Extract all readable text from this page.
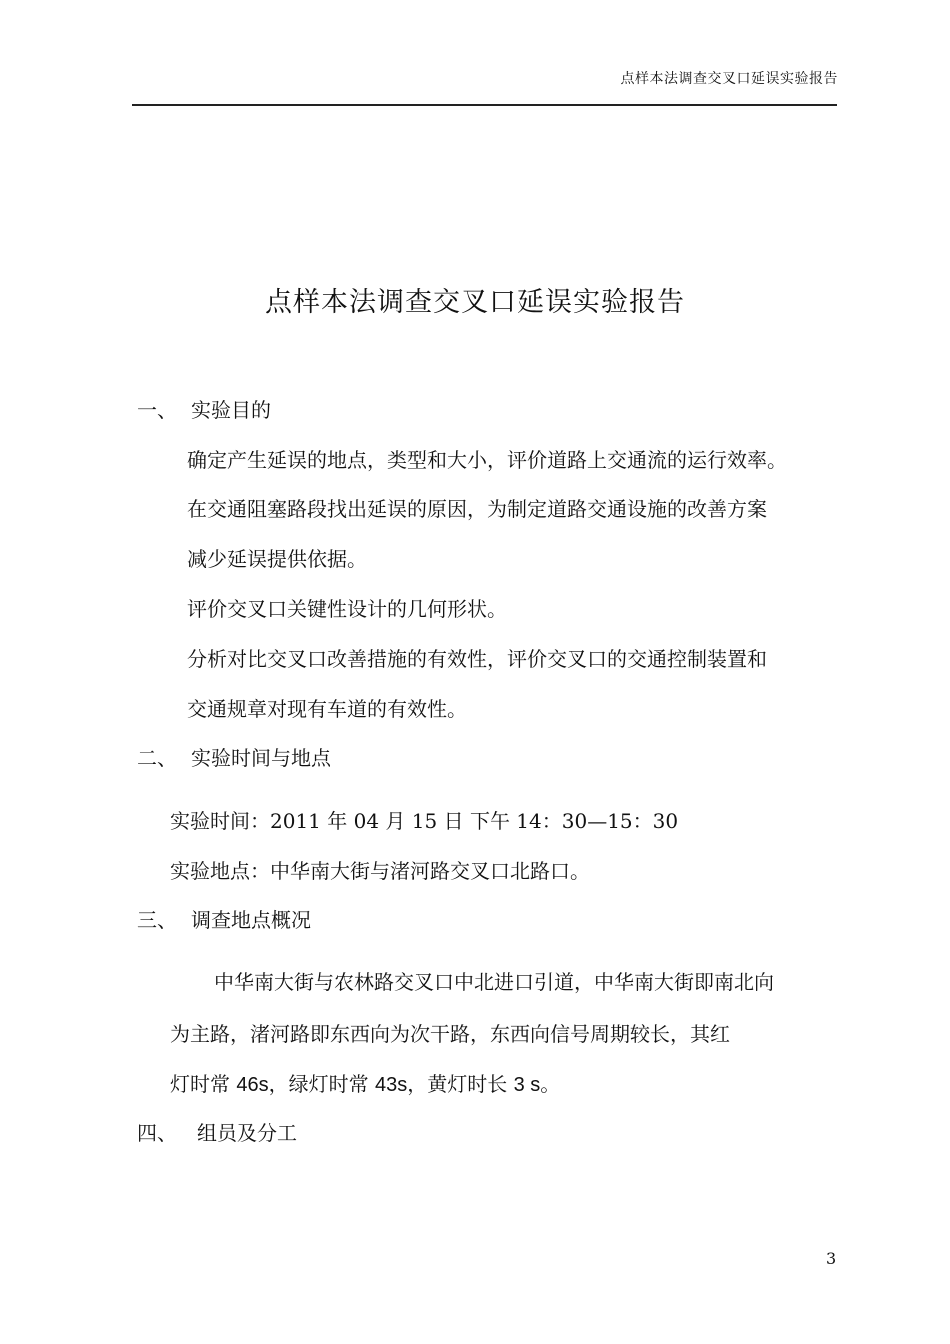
点样本法调查交叉口延误实验报告
点样本法调查交叉口延误实验报告
一、 实验目的
确定产生延误的地点，类型和大小，评价道路上交通流的运行效率。
在交通阻塞路段找出延误的原因，为制定道路交通设施的改善方案
减少延误提供依据。
评价交叉口关键性设计的几何形状。
分析对比交叉口改善措施的有效性，评价交叉口的交通控制装置和
交通规章对现有车道的有效性。
二、 实验时间与地点
实验时间：2011 年 04 月 15 日 下午 14：30—15：30
实验地点：中华南大街与渚河路交叉口北路口。
三、 调查地点概况
中华南大街与农林路交叉口中北进口引道，中华南大街即南北向
为主路，渚河路即东西向为次干路，东西向信号周期较长，其红
灯时常 46s，绿灯时常 43s，黄灯时长 3 s。
四、 组员及分工
3
